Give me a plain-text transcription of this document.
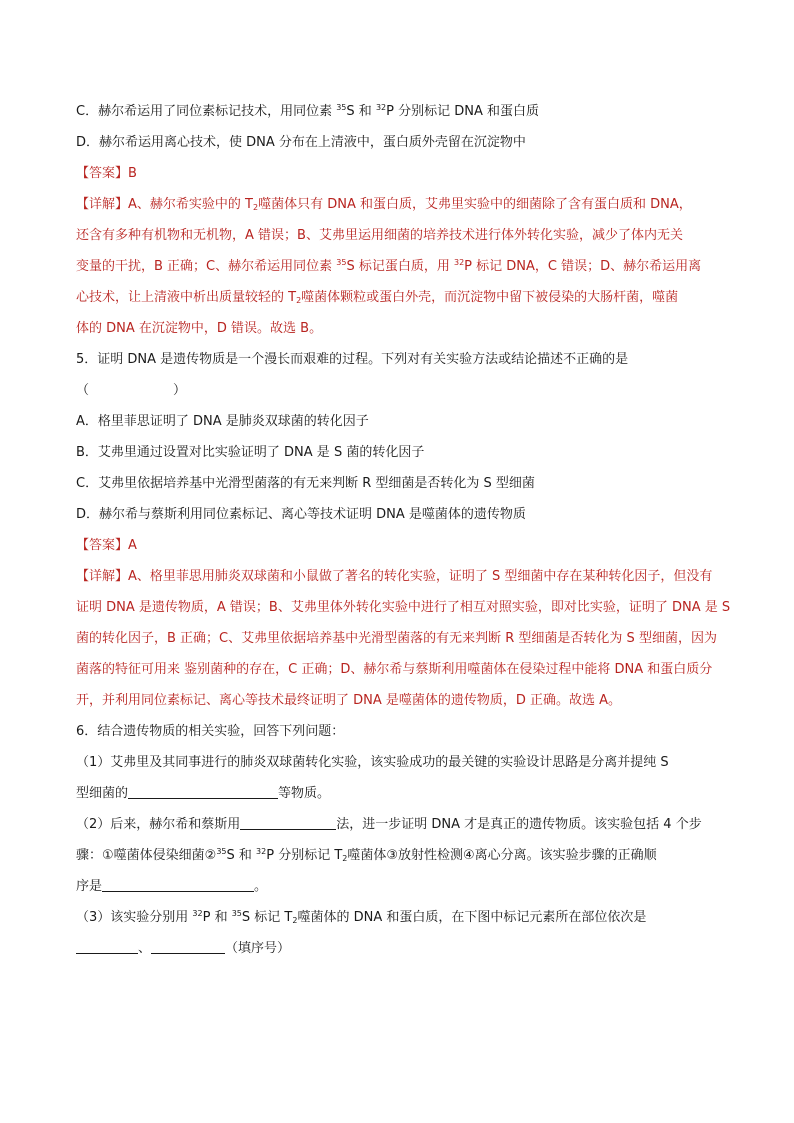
C．赫尔希运用了同位素标记技术，用同位素 $^{35}$S 和 $^{32}$P 分别标记 DNA 和蛋白质
D．赫尔希运用离心技术，使 DNA 分布在上清液中，蛋白质外壳留在沉淀物中
【答案】B
【详解】A、赫尔希实验中的 $T_2$噬菌体只有 DNA 和蛋白质，艾弗里实验中的细菌除了含有蛋白质和 DNA，
还含有多种有机物和无机物，A 错误；B、艾弗里运用细菌的培养技术进行体外转化实验，减少了体内无关
变量的干扰，B 正确；C、赫尔希运用同位素 $^{35}$S 标记蛋白质，用 $^{32}$P 标记 DNA，C 错误；D、赫尔希运用离
心技术，让上清液中析出质量较轻的 $T_2$噬菌体颗粒或蛋白外壳，而沉淀物中留下被侵染的大肠杆菌，噬菌
体的 DNA 在沉淀物中，D 错误。故选 B。
5．证明 DNA 是遗传物质是一个漫长而艰难的过程。下列对有关实验方法或结论描述不正确的是
（	）
A．格里菲思证明了 DNA 是肺炎双球菌的转化因子
B．艾弗里通过设置对比实验证明了 DNA 是 S 菌的转化因子
C．艾弗里依据培养基中光滑型菌落的有无来判断 R 型细菌是否转化为 S 型细菌
D．赫尔希与蔡斯利用同位素标记、离心等技术证明 DNA 是噬菌体的遗传物质
【答案】A
【详解】A、格里菲思用肺炎双球菌和小鼠做了著名的转化实验，证明了 S 型细菌中存在某种转化因子，但没有
证明 DNA 是遗传物质，A 错误；B、艾弗里体外转化实验中进行了相互对照实验，即对比实验，证明了 DNA 是 S
菌的转化因子，B 正确；C、艾弗里依据培养基中光滑型菌落的有无来判断 R 型细菌是否转化为 S 型细菌，因为
菌落的特征可用来 鉴别菌种的存在，C 正确；D、赫尔希与蔡斯利用噬菌体在侵染过程中能将 DNA 和蛋白质分
开，并利用同位素标记、离心等技术最终证明了 DNA 是噬菌体的遗传物质，D 正确。故选 A。
6．结合遗传物质的相关实验，回答下列问题：
（1）艾弗里及其同事进行的肺炎双球菌转化实验，该实验成功的最关键的实验设计思路是分离并提纯 S
型细菌的	等物质。
（2）后来，赫尔希和蔡斯用	法，进一步证明 DNA 才是真正的遗传物质。该实验包括 4 个步
骤：①噬菌体侵染细菌②$^{35}$S 和 $^{32}$P 分别标记 $T_2$噬菌体③放射性检测④离心分离。该实验步骤的正确顺
序是	。
（3）该实验分别用 $^{32}$P 和 $^{35}$S 标记 $T_2$噬菌体的 DNA 和蛋白质，在下图中标记元素所在部位依次是
、	（填序号）
